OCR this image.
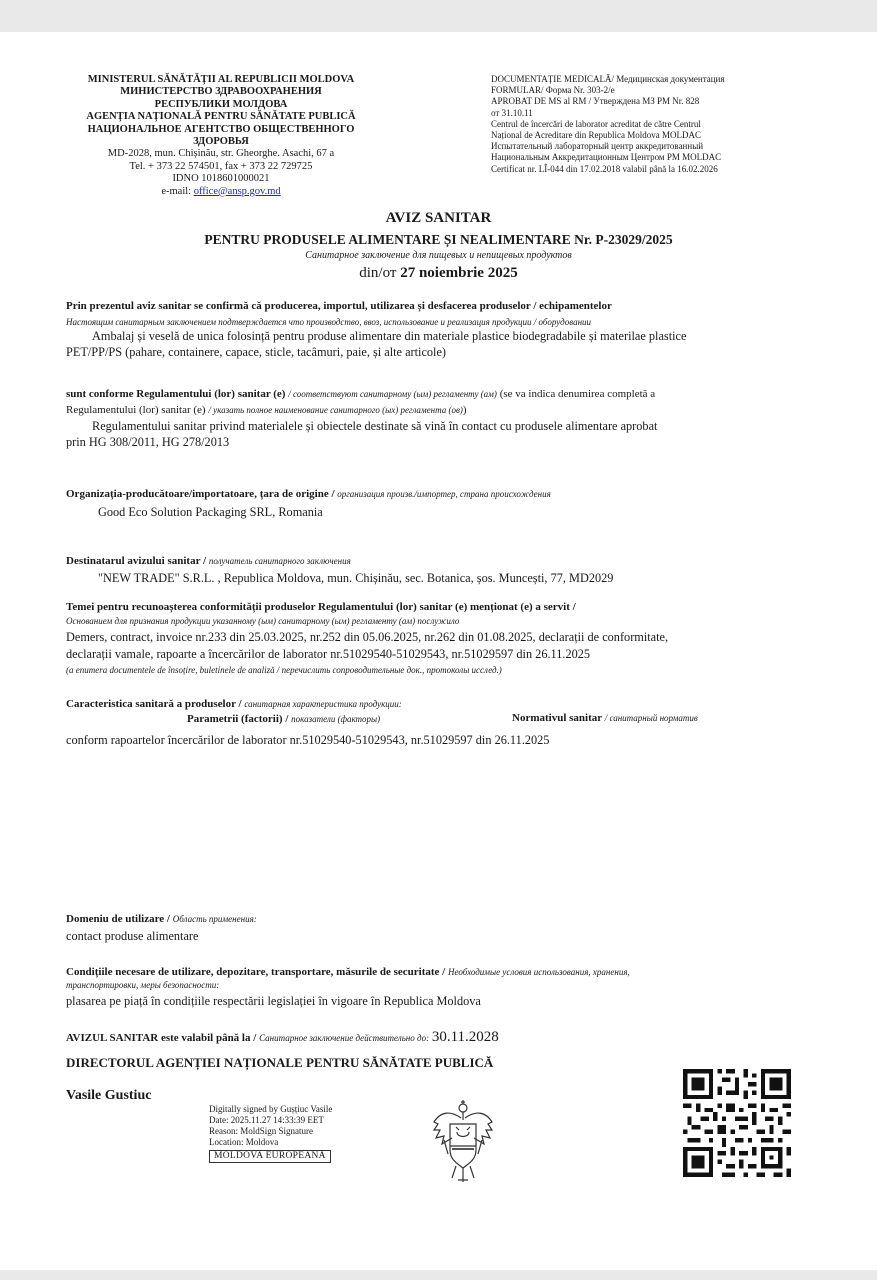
MINISTERUL SĂNĂTĂȚII AL REPUBLICII MOLDOVA
МИНИСТЕРСТВО ЗДРАВООХРАНЕНИЯ
РЕСПУБЛИКИ МОЛДОВА
AGENȚIA NAȚIONALĂ PENTRU SĂNĂTATE PUBLICĂ
НАЦИОНАЛЬНОЕ АГЕНТСТВО ОБЩЕСТВЕННОГО
ЗДОРОВЬЯ
MD-2028, mun. Chișinău, str. Gheorghe. Asachi, 67 a
Tel. + 373 22 574501, fax + 373 22 729725
IDNO 1018601000021
e-mail: office@ansp.gov.md
DOCUMENTAȚIE MEDICALĂ/ Медицинская документация
FORMULAR/ Форма Nr. 303-2/e
APROBAT DE MS al RM / Утверждена МЗ РМ Nr. 828
от 31.10.11
Centrul de încercări de laborator acreditat de către Centrul
Național de Acreditare din Republica Moldova MOLDAC
Испытательный лабораторный центр аккредитованный
Национальным Аккредитационным Центром РМ MOLDAC
Certificat nr. LÎ-044 din 17.02.2018 valabil până la 16.02.2026
AVIZ SANITAR
PENTRU PRODUSELE ALIMENTARE ȘI NEALIMENTARE Nr. P-23029/2025
Санитарное заключение для пищевых и непищевых продуктов
din/от 27 noiembrie 2025
Prin prezentul aviz sanitar se confirmă că producerea, importul, utilizarea și desfacerea produselor / echipamentelor
Настоящим санитарным заключением подтверждается что производство, ввоз, использование и реализация продукции / оборудовании
Ambalaj și veselă de unica folosință pentru produse alimentare din materiale plastice biodegradabile și materilae plastice
PET/PP/PS (pahare, containere, capace, sticle, tacâmuri, paie, și alte articole)
sunt conforme Regulamentului (lor) sanitar (e) / соответствуют санитарному (ым) регламенту (ам) (se va indica denumirea completă a
Regulamentului (lor) sanitar (e) / указать полное наименование санитарного (ых) регламента (ов))
Regulamentului sanitar privind materialele și obiectele destinate să vină în contact cu produsele alimentare aprobat
prin HG 308/2011, HG 278/2013
Organizația-producătoare/importatoare, țara de origine / организация произв./импортер, страна происхождения
Good Eco Solution Packaging SRL, Romania
Destinatarul avizului sanitar / получатель санитарного заключения
"NEW TRADE" S.R.L. , Republica Moldova, mun. Chișinău, sec. Botanica, șos. Muncești, 77, MD2029
Temei pentru recunoașterea conformității produselor Regulamentului (lor) sanitar (e) menționat (e) a servit /
Основанием для признания продукции указанному (ым) санитарному (ым) регламенту (ам) послужило
Demers, contract, invoice nr.233 din 25.03.2025, nr.252 din 05.06.2025, nr.262 din 01.08.2025, declarații de conformitate,
declarații vamale, rapoarte a încercărilor de laborator nr.51029540-51029543, nr.51029597 din 26.11.2025
(a enumera documentele de însoțire, buletinele de analiză / перечислить сопроводительные док., протоколы исслед.)
Caracteristica sanitară a produselor / санитарная характеристика продукции:
Parametrii (factorii) / показатели (факторы)	Normativul sanitar / санитарный норматив
conform rapoartelor încercărilor de laborator nr.51029540-51029543, nr.51029597 din 26.11.2025
Domeniu de utilizare / Область применения:
contact produse alimentare
Condițiile necesare de utilizare, depozitare, transportare, măsurile de securitate / Необходимые условия использования, хранения,
транспортировки, меры безопасности:
plasarea pe piață în condițiile respectării legislației în vigoare în Republica Moldova
AVIZUL SANITAR este valabil până la / Санитарное заключение действительно до: 30.11.2028
DIRECTORUL AGENȚIEI NAȚIONALE PENTRU SĂNĂTATE PUBLICĂ
Vasile Gustiuc
Digitally signed by Gușțiuc Vasile
Date: 2025.11.27 14:33:39 EET
Reason: MoldSign Signature
Location: Moldova
MOLDOVA EUROPEANĂ
